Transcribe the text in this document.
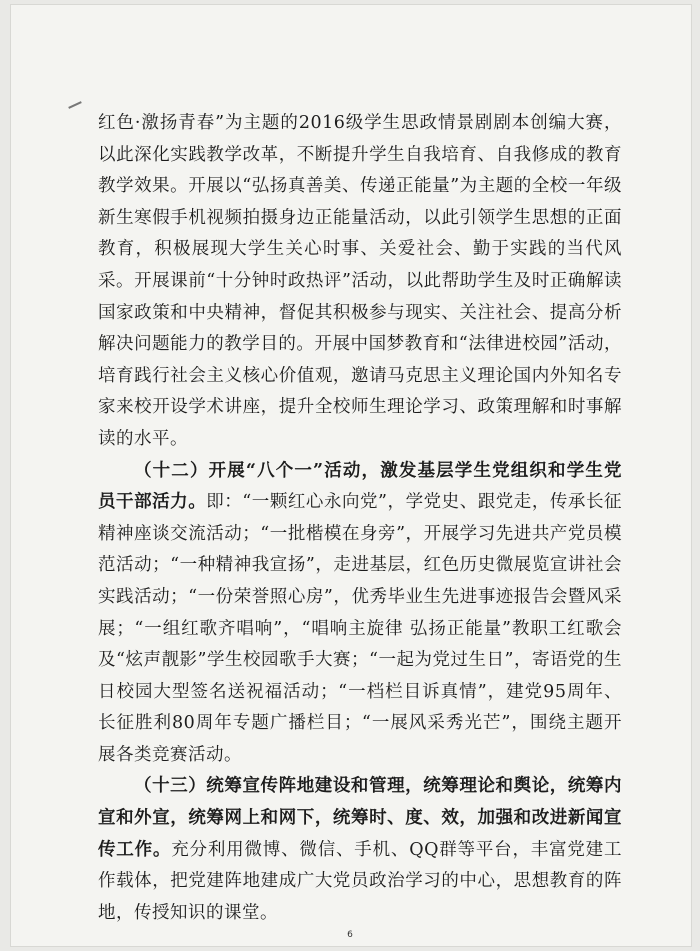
红色·激扬青春”为主题的2016级学生思政情景剧剧本创编大赛，以此深化实践教学改革，不断提升学生自我培育、自我修成的教育教学效果。开展以“弘扬真善美、传递正能量”为主题的全校一年级新生寒假手机视频拍摄身边正能量活动，以此引领学生思想的正面教育，积极展现大学生关心时事、关爱社会、勤于实践的当代风采。开展课前“十分钟时政热评”活动，以此帮助学生及时正确解读国家政策和中央精神，督促其积极参与现实、关注社会、提高分析解决问题能力的教学目的。开展中国梦教育和“法律进校园”活动，培育践行社会主义核心价值观，邀请马克思主义理论国内外知名专家来校开设学术讲座，提升全校师生理论学习、政策理解和时事解读的水平。

（十二）开展“八个一”活动，激发基层学生党组织和学生党员干部活力。即：“一颗红心永向党”，学党史、跟党走，传承长征精神座谈交流活动；“一批楷模在身旁”，开展学习先进共产党员模范活动；“一种精神我宣扬”，走进基层，红色历史微展览宣讲社会实践活动；“一份荣誉照心房”，优秀毕业生先进事迹报告会暨风采展；“一组红歌齐唱响”，“唱响主旋律 弘扬正能量”教职工红歌会及“炫声靓影”学生校园歌手大赛；“一起为党过生日”，寄语党的生日校园大型签名送祝福活动；“一档栏目诉真情”，建党95周年、长征胜利80周年专题广播栏目；“一展风采秀光芒”，围绕主题开展各类竞赛活动。

（十三）统筹宣传阵地建设和管理，统筹理论和舆论，统筹内宣和外宣，统筹网上和网下，统筹时、度、效，加强和改进新闻宣传工作。充分利用微博、微信、手机、QQ群等平台，丰富党建工作载体，把党建阵地建成广大党员政治学习的中心，思想教育的阵地，传授知识的课堂。

6
